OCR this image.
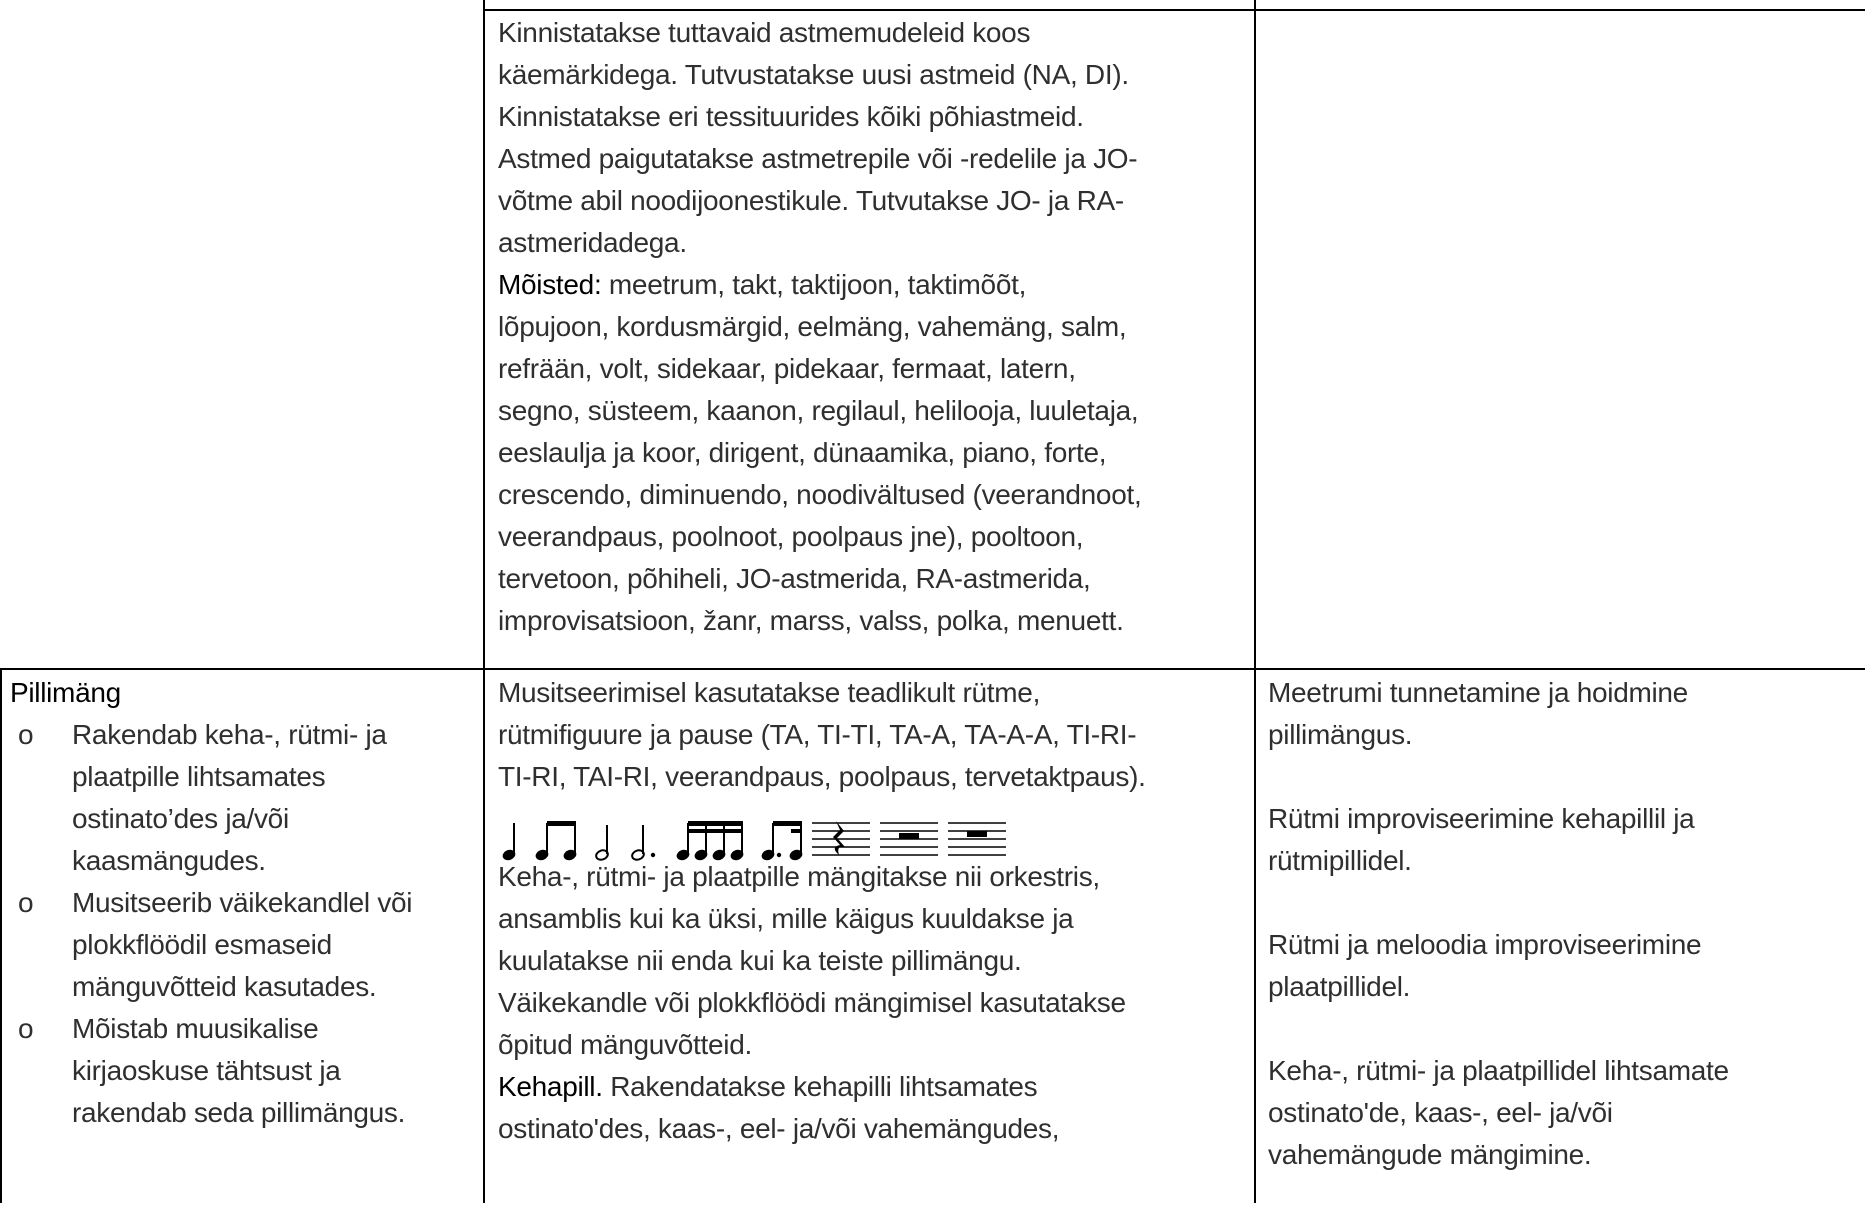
Kinnistatakse tuttavaid astmemudeleid koos
käemärkidega. Tutvustatakse uusi astmeid (NA, DI).
Kinnistatakse eri tessituurides kõiki põhiastmeid.
Astmed paigutatakse astmetrepile või -redelile ja JO-
võtme abil noodijoonestikule. Tutvutakse JO- ja RA-
astmeridadega.
Mõisted: meetrum, takt, taktijoon, taktimõõt,
lõpujoon, kordusmärgid, eelmäng, vahemäng, salm,
refrään, volt, sidekaar, pidekaar, fermaat, latern,
segno, süsteem, kaanon, regilaul, helilooja, luuletaja,
eeslaulja ja koor, dirigent, dünaamika, piano, forte,
crescendo, diminuendo, noodivältused (veerandnoot,
veerandpaus, poolnoot, poolpaus jne), pooltoon,
tervetoon, põhiheli, JO-astmerida, RA-astmerida,
improvisatsioon, žanr, marss, valss, polka, menuett.
Pillimäng
o Rakendab keha-, rütmi- ja
plaatpille lihtsamates
ostinato’des ja/või
kaasmängudes.
o Musitseerib väikekandlel või
plokkflöödil esmaseid
mänguvõtteid kasutades.
o Mõistab muusikalise
kirjaoskuse tähtsust ja
rakendab seda pillimängus.
Musitseerimisel kasutatakse teadlikult rütme,
rütmifiguure ja pause (TA, TI-TI, TA-A, TA-A-A, TI-RI-
TI-RI, TAI-RI, veerandpaus, poolpaus, tervetaktpaus).
Keha-, rütmi- ja plaatpille mängitakse nii orkestris,
ansamblis kui ka üksi, mille käigus kuuldakse ja
kuulatakse nii enda kui ka teiste pillimängu.
Väikekandle või plokkflöödi mängimisel kasutatakse
õpitud mänguvõtteid.
Kehapill. Rakendatakse kehapilli lihtsamates
ostinato'des, kaas-, eel- ja/või vahemängudes,
Meetrumi tunnetamine ja hoidmine
pillimängus.
Rütmi improviseerimine kehapillil ja
rütmipillidel.
Rütmi ja meloodia improviseerimine
plaatpillidel.
Keha-, rütmi- ja plaatpillidel lihtsamate
ostinato'de, kaas-, eel- ja/või
vahemängude mängimine.
